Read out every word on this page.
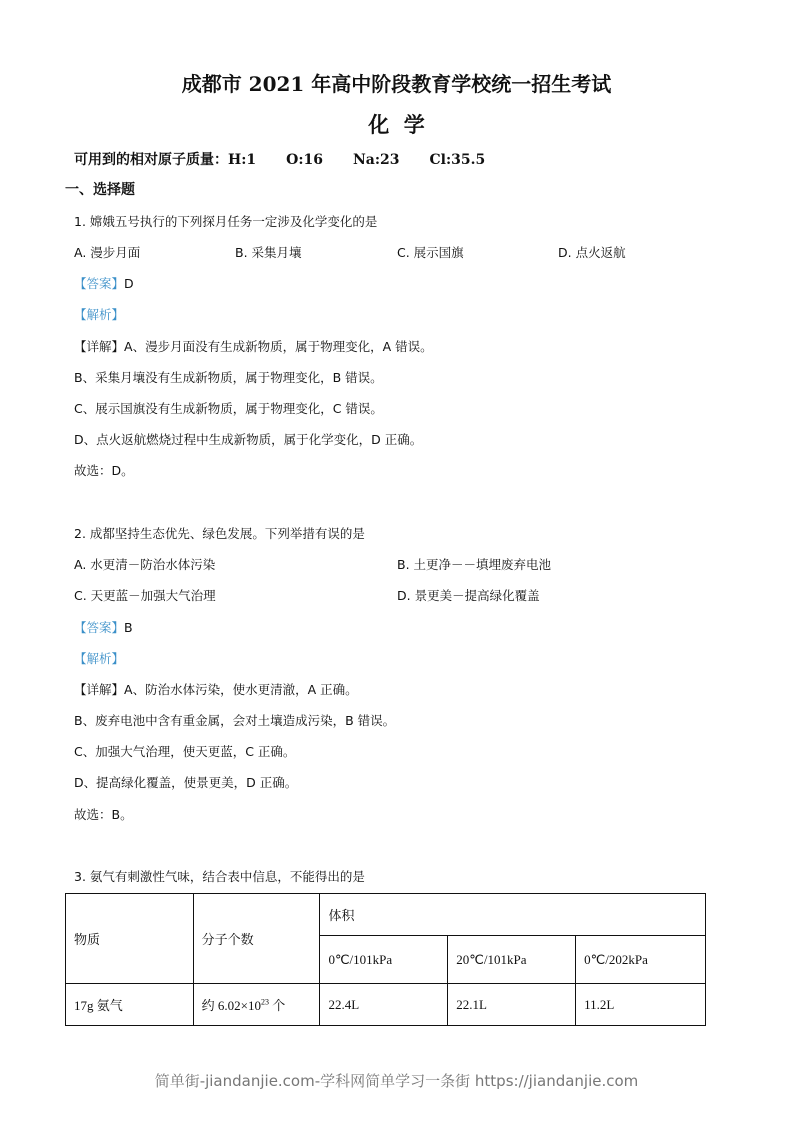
成都市 2021 年高中阶段教育学校统一招生考试
化  学
可用到的相对原子质量：H:1 O:16 Na:23 Cl:35.5
一、选择题
1. 嫦娥五号执行的下列探月任务一定涉及化学变化的是
A. 漫步月面	B. 采集月壤	C. 展示国旗	D. 点火返航
【答案】D
【解析】
【详解】A、漫步月面没有生成新物质，属于物理变化，A 错误。
B、采集月壤没有生成新物质，属于物理变化，B 错误。
C、展示国旗没有生成新物质，属于物理变化，C 错误。
D、点火返航燃烧过程中生成新物质，属于化学变化，D 正确。
故选：D。
2. 成都坚持生态优先、绿色发展。下列举措有误的是
A. 水更清－防治水体污染	B. 土更净－－填埋废弃电池
C. 天更蓝－加强大气治理	D. 景更美－提高绿化覆盖
【答案】B
【解析】
【详解】A、防治水体污染，使水更清澈，A 正确。
B、废弃电池中含有重金属，会对土壤造成污染，B 错误。
C、加强大气治理，使天更蓝，C 正确。
D、提高绿化覆盖，使景更美，D 正确。
故选：B。
3. 氨气有刺激性气味，结合表中信息，不能得出的是
物质	分子个数	体积		
		0℃/101kPa	20℃/101kPa	0℃/202kPa
17g 氨气	约 $6.02\times 10^{23}$ 个	22.4L	22.1L	11.2L
简单街-jiandanjie.com-学科网简单学习一条街 https://jiandanjie.com
